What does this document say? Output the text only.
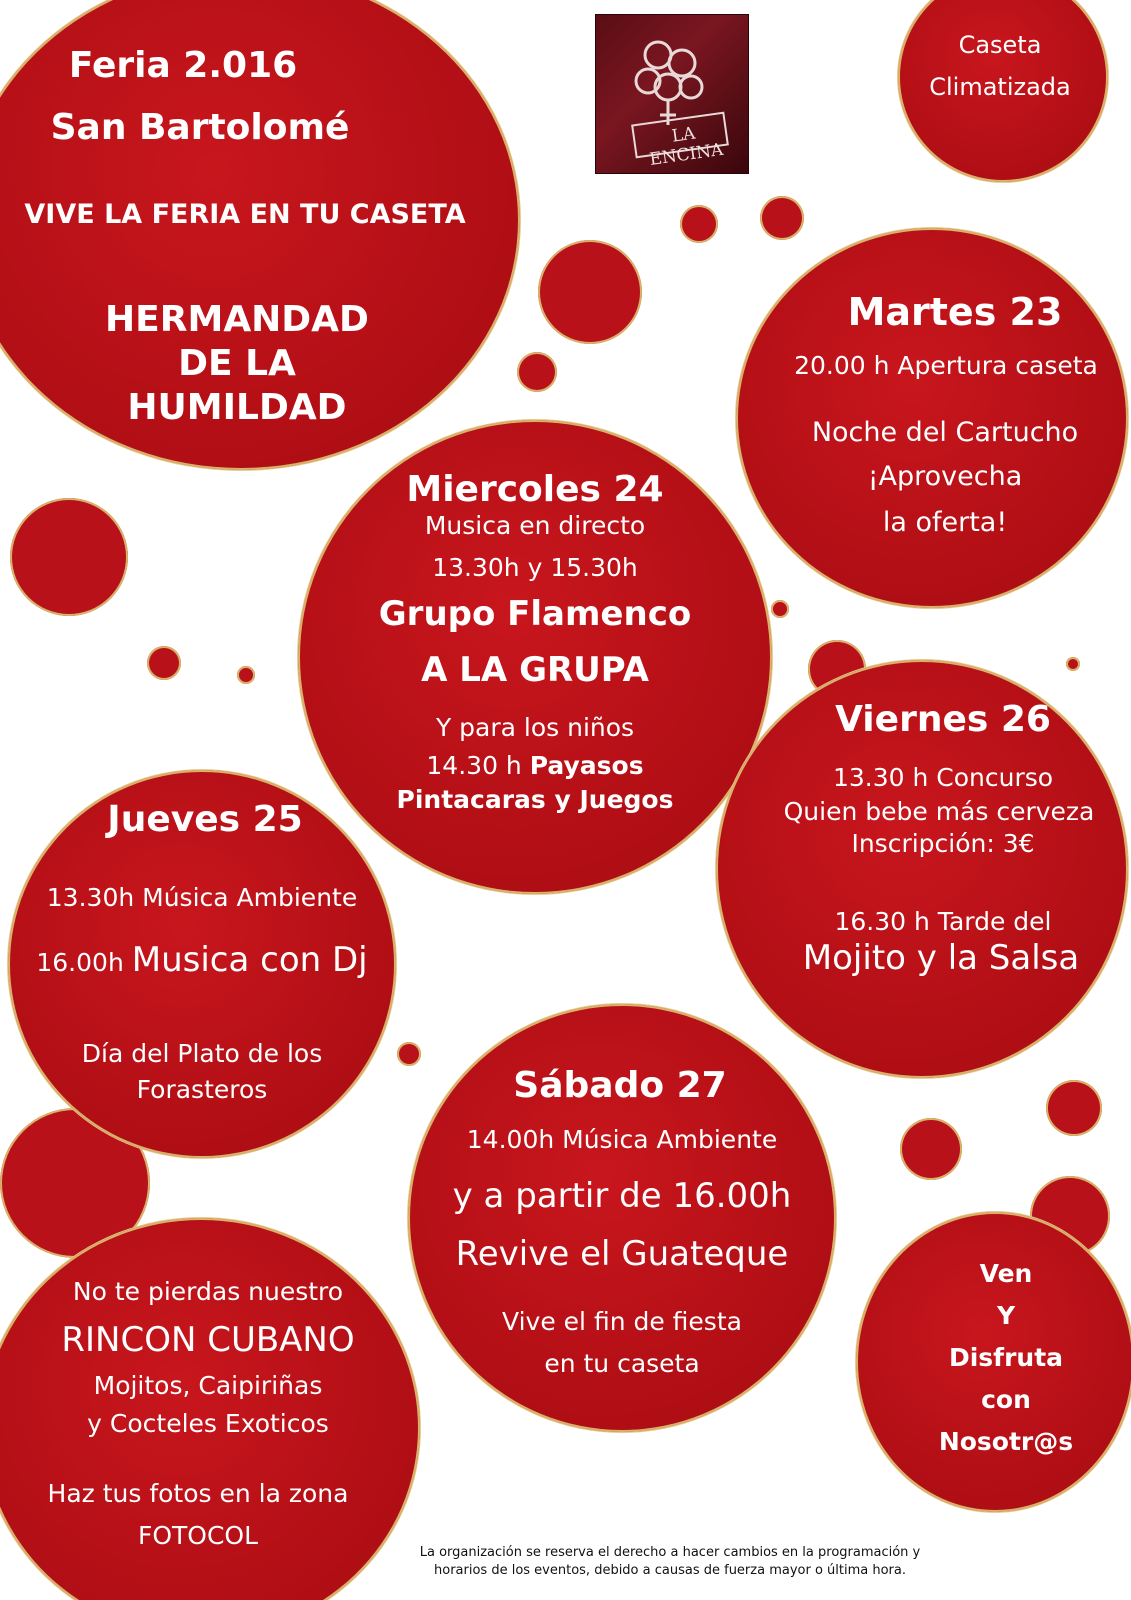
LA ENCINA
Feria 2.016
San Bartolomé
VIVE LA FERIA EN TU CASETA
HERMANDAD
DE LA
HUMILDAD
Caseta
Climatizada
Martes 23
20.00 h Apertura caseta
Noche del Cartucho
¡Aprovecha
la oferta!
Miercoles 24
Musica en directo
13.30h y 15.30h
Grupo Flamenco
A LA GRUPA
Y para los niños
14.30 h Payasos
Pintacaras y Juegos
Viernes 26
13.30 h Concurso
Quien bebe más cerveza
Inscripción: 3€
16.30 h Tarde del
Mojito y la Salsa
Jueves 25
13.30h Música Ambiente
16.00h Musica con Dj
Día del Plato de los
Forasteros	Sábado 27
14.00h Música Ambiente
y a partir de 16.00h
Revive el Guateque
Vive el fin de fiesta
en tu caseta
No te pierdas nuestro
RINCON CUBANO
Mojitos, Caipiriñas
y Cocteles Exoticos
Haz tus fotos en la zona
FOTOCOL
Ven
Y
Disfruta
con
Nosotr@s
La organización se reserva el derecho a hacer cambios en la programación y
horarios de los eventos, debido a causas de fuerza mayor o última hora.
